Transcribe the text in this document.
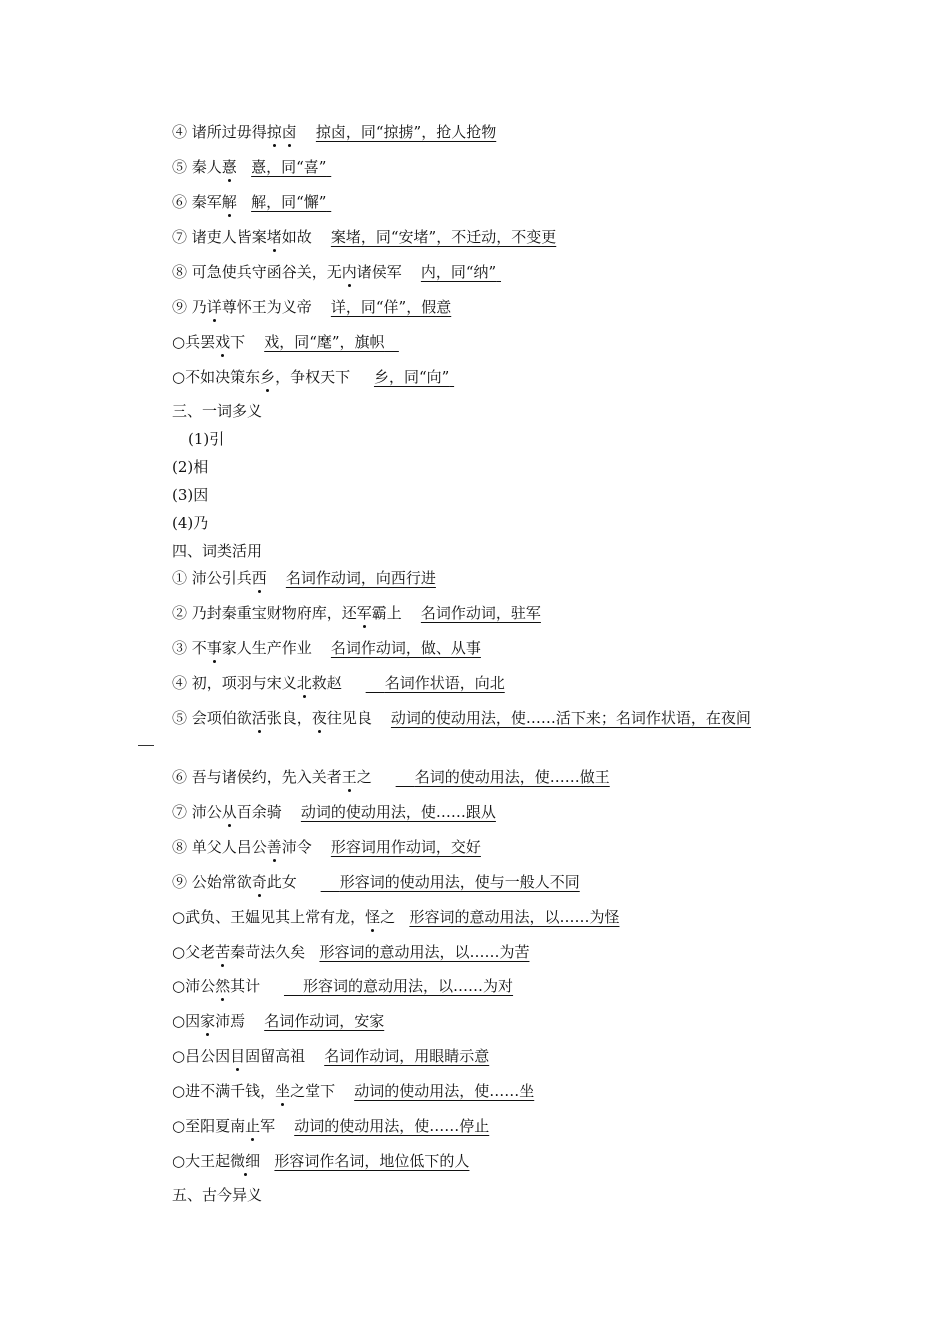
④ 诸所过毋得掠卤 掠卤，同“掠掳”，抢人抢物
⑤ 秦人憙 憙，同“喜”
⑥ 秦军解 解，同“懈”
⑦ 诸吏人皆案堵如故 案堵，同“安堵”，不迁动，不变更
⑧ 可急使兵守函谷关，无内诸侯军 内，同“纳”
⑨ 乃详尊怀王为义帝 详，同“佯”，假意
○兵罢戏下 戏，同“麾”，旗帜
○不如决策东乡，争权天下 乡，同“向”
三、一词多义
(1)引
(2)相
(3)因
(4)乃
四、词类活用
① 沛公引兵西 名词作动词，向西行进
② 乃封秦重宝财物府库，还军霸上 名词作动词，驻军
③ 不事家人生产作业 名词作动词，做、从事
④ 初，项羽与宋义北救赵	名词作状语，向北
⑤ 会项伯欲活张良，夜往见良 动词的使动用法，使……活下来；名词作状语，在夜间
⑥ 吾与诸侯约，先入关者王之	名词的使动用法，使……做王
⑦ 沛公从百余骑 动词的使动用法，使……跟从
⑧ 单父人吕公善沛令 形容词用作动词，交好
⑨ 公始常欲奇此女	形容词的使动用法，使与一般人不同
○武负、王媪见其上常有龙，怪之 形容词的意动用法，以……为怪
○父老苦秦苛法久矣 形容词的意动用法，以……为苦
○沛公然其计	形容词的意动用法，以……为对
○因家沛焉 名词作动词，安家
○吕公因目固留高祖 名词作动词，用眼睛示意
○进不满千钱，坐之堂下 动词的使动用法，使……坐
○至阳夏南止军 动词的使动用法，使……停止
○大王起微细 形容词作名词，地位低下的人
五、古今异义
